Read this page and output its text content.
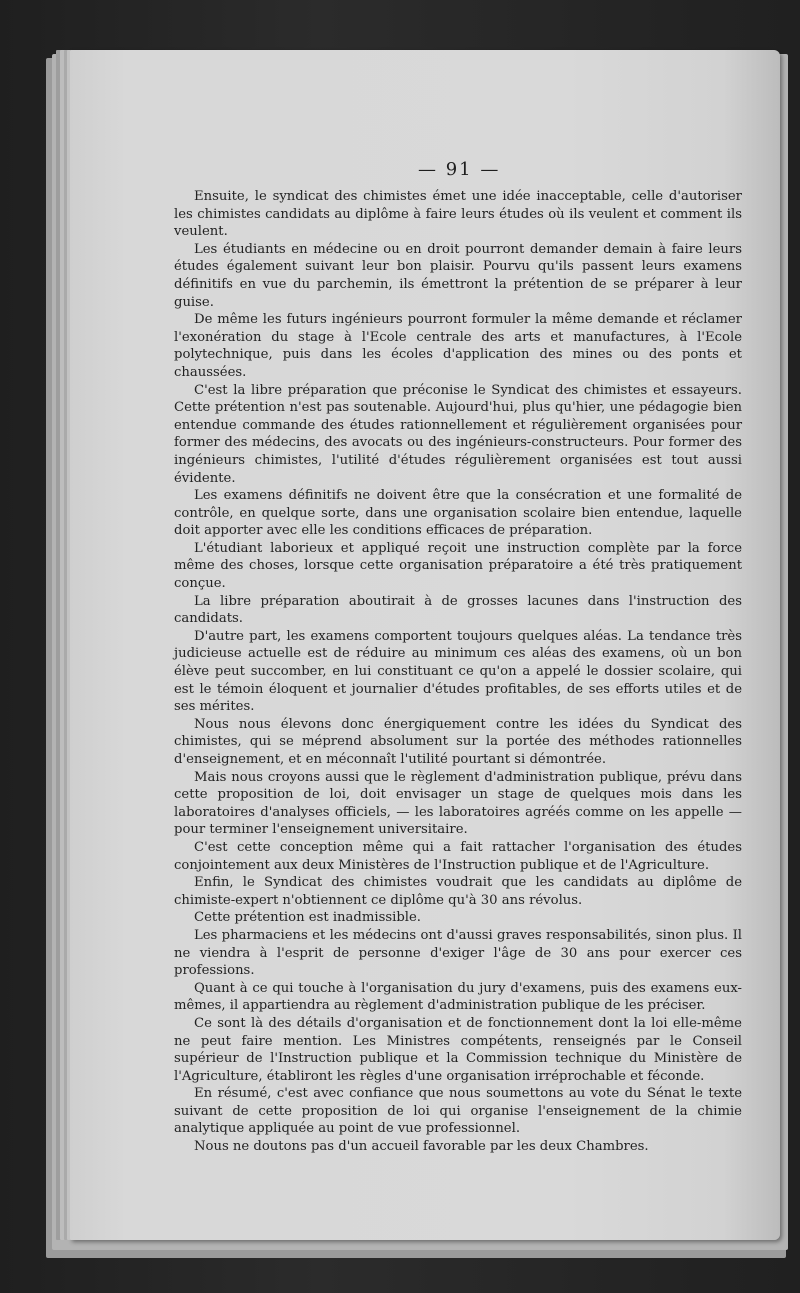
— 91 —

Ensuite, le syndicat des chimistes émet une idée inacceptable, celle d'autoriser les chimistes candidats au diplôme à faire leurs études où ils veulent et comment ils veulent.

Les étudiants en médecine ou en droit pourront demander demain à faire leurs études également suivant leur bon plaisir. Pourvu qu'ils passent leurs examens définitifs en vue du parchemin, ils émettront la prétention de se préparer à leur guise.

De même les futurs ingénieurs pourront formuler la même demande et réclamer l'exonération du stage à l'Ecole centrale des arts et manufactures, à l'Ecole polytechnique, puis dans les écoles d'application des mines ou des ponts et chaussées.

C'est la libre préparation que préconise le Syndicat des chimistes et essayeurs. Cette prétention n'est pas soutenable. Aujourd'hui, plus qu'hier, une pédagogie bien entendue commande des études rationnellement et régulièrement organisées pour former des médecins, des avocats ou des ingénieurs-constructeurs. Pour former des ingénieurs chimistes, l'utilité d'études régulièrement organisées est tout aussi évidente.

Les examens définitifs ne doivent être que la consécration et une formalité de contrôle, en quelque sorte, dans une organisation scolaire bien entendue, laquelle doit apporter avec elle les conditions efficaces de préparation.

L'étudiant laborieux et appliqué reçoit une instruction complète par la force même des choses, lorsque cette organisation préparatoire a été très pratiquement conçue.

La libre préparation aboutirait à de grosses lacunes dans l'instruction des candidats.

D'autre part, les examens comportent toujours quelques aléas. La tendance très judicieuse actuelle est de réduire au minimum ces aléas des examens, où un bon élève peut succomber, en lui constituant ce qu'on a appelé le dossier scolaire, qui est le témoin éloquent et journalier d'études profitables, de ses efforts utiles et de ses mérites.

Nous nous élevons donc énergiquement contre les idées du Syndicat des chimistes, qui se méprend absolument sur la portée des méthodes rationnelles d'enseignement, et en méconnaît l'utilité pourtant si démontrée.

Mais nous croyons aussi que le règlement d'administration publique, prévu dans cette proposition de loi, doit envisager un stage de quelques mois dans les laboratoires d'analyses officiels, — les laboratoires agréés comme on les appelle — pour terminer l'enseignement universitaire.

C'est cette conception même qui a fait rattacher l'organisation des études conjointement aux deux Ministères de l'Instruction publique et de l'Agriculture.

Enfin, le Syndicat des chimistes voudrait que les candidats au diplôme de chimiste-expert n'obtiennent ce diplôme qu'à 30 ans révolus.

Cette prétention est inadmissible.

Les pharmaciens et les médecins ont d'aussi graves responsabilités, sinon plus. Il ne viendra à l'esprit de personne d'exiger l'âge de 30 ans pour exercer ces professions.

Quant à ce qui touche à l'organisation du jury d'examens, puis des examens eux-mêmes, il appartiendra au règlement d'administration publique de les préciser.

Ce sont là des détails d'organisation et de fonctionnement dont la loi elle-même ne peut faire mention. Les Ministres compétents, renseignés par le Conseil supérieur de l'Instruction publique et la Commission technique du Ministère de l'Agriculture, établiront les règles d'une organisation irréprochable et féconde.

En résumé, c'est avec confiance que nous soumettons au vote du Sénat le texte suivant de cette proposition de loi qui organise l'enseignement de la chimie analytique appliquée au point de vue professionnel.

Nous ne doutons pas d'un accueil favorable par les deux Chambres.
